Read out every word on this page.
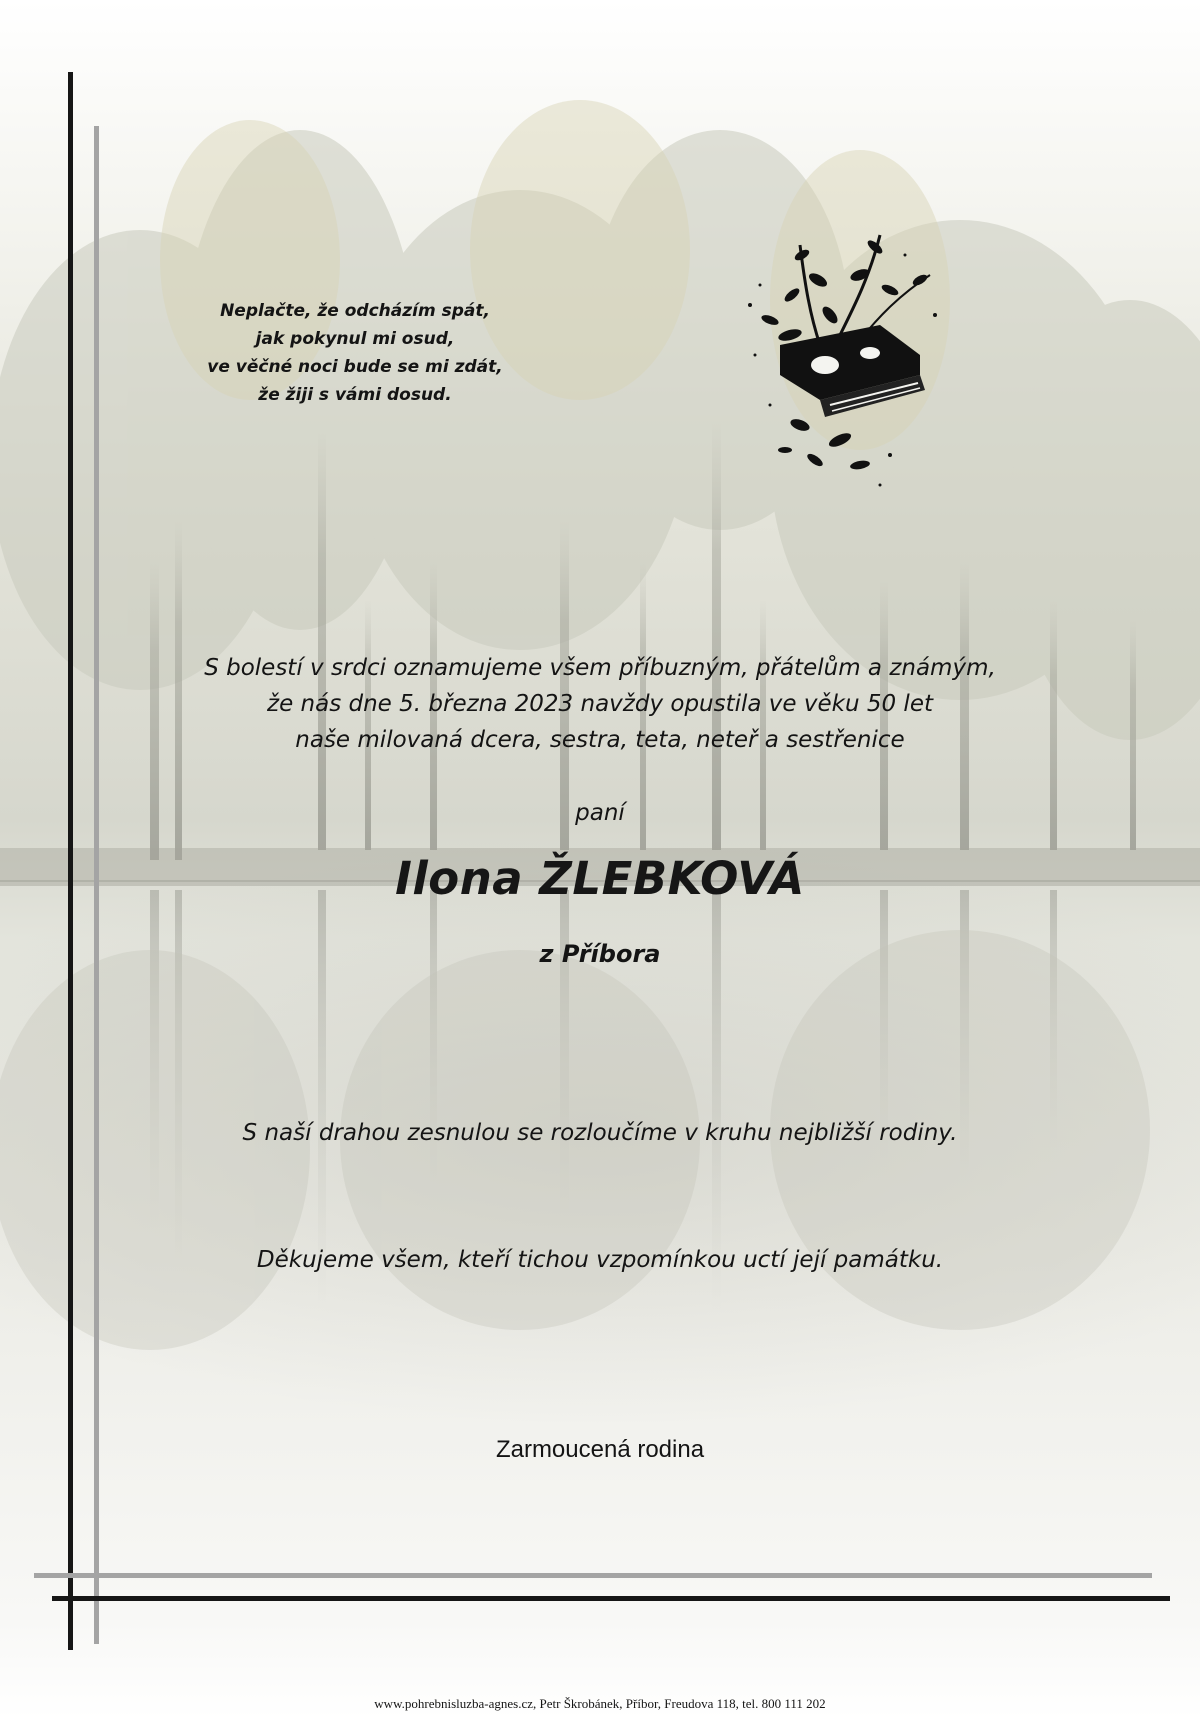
Neplačte, že odcházím spát,
jak pokynul mi osud,
ve věčné noci bude se mi zdát,
že žiji s vámi dosud.
S bolestí v srdci oznamujeme všem příbuzným, přátelům a známým,
že nás dne 5. března 2023 navždy opustila ve věku 50 let
naše milovaná dcera, sestra, teta, neteř a sestřenice
paní
Ilona ŽLEBKOVÁ
z Příbora
S naší drahou zesnulou se rozloučíme v kruhu nejbližší rodiny.
Děkujeme všem, kteří tichou vzpomínkou uctí její památku.
Zarmoucená rodina
www.pohrebnisluzba-agnes.cz, Petr Škrobánek, Příbor, Freudova 118, tel. 800 111 202
